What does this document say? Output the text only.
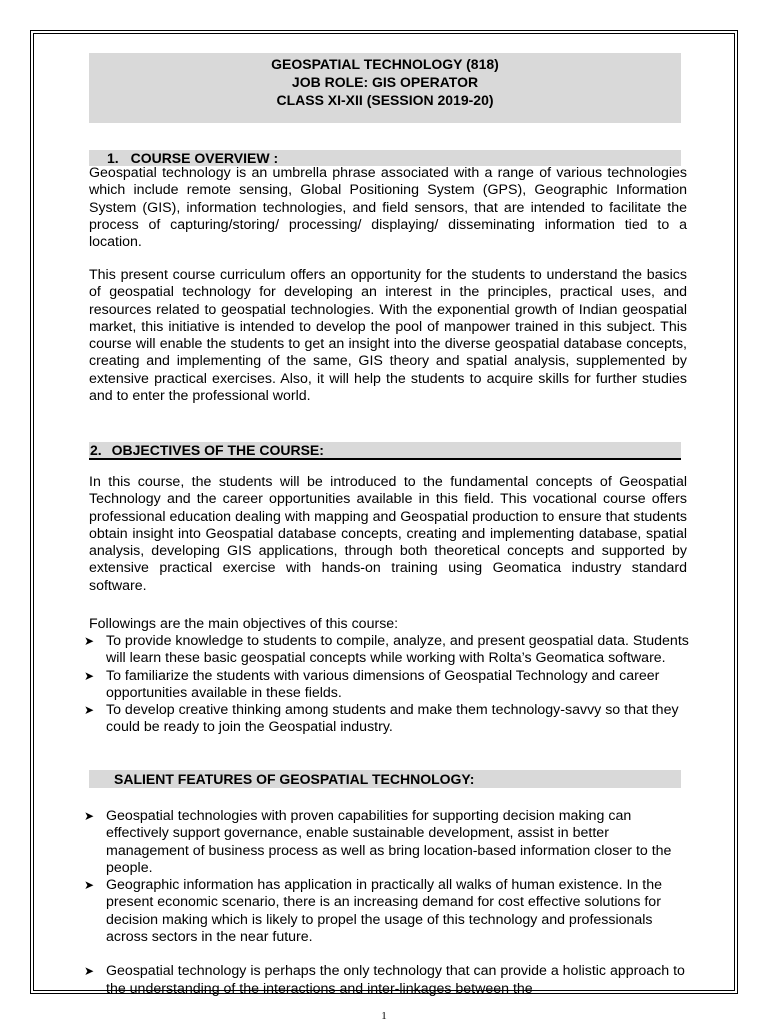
GEOSPATIAL TECHNOLOGY (818)
JOB ROLE: GIS OPERATOR
CLASS XI-XII (SESSION 2019-20)
1. COURSE OVERVIEW :
Geospatial technology is an umbrella phrase associated with a range of various technologies which include remote sensing, Global Positioning System (GPS), Geographic Information System (GIS), information technologies, and field sensors, that are intended to facilitate the process of capturing/storing/ processing/ displaying/ disseminating information tied to a location.
This present course curriculum offers an opportunity for the students to understand the basics of geospatial technology for developing an interest in the principles, practical uses, and resources related to geospatial technologies. With the exponential growth of Indian geospatial market, this initiative is intended to develop the pool of manpower trained in this subject. This course will enable the students to get an insight into the diverse geospatial database concepts, creating and implementing of the same, GIS theory and spatial analysis, supplemented by extensive practical exercises. Also, it will help the students to acquire skills for further studies and to enter the professional world.
2. OBJECTIVES OF THE COURSE:
In this course, the students will be introduced to the fundamental concepts of Geospatial Technology and the career opportunities available in this field. This vocational course offers professional education dealing with mapping and Geospatial production to ensure that students obtain insight into Geospatial database concepts, creating and implementing database, spatial analysis, developing GIS applications, through both theoretical concepts and supported by extensive practical exercise with hands-on training using Geomatica industry standard software.
Followings are the main objectives of this course:
➤ To provide knowledge to students to compile, analyze, and present geospatial data. Students will learn these basic geospatial concepts while working with Rolta’s Geomatica software.
➤ To familiarize the students with various dimensions of Geospatial Technology and career opportunities available in these fields.
➤ To develop creative thinking among students and make them technology-savvy so that they could be ready to join the Geospatial industry.
SALIENT FEATURES OF GEOSPATIAL TECHNOLOGY:
➤ Geospatial technologies with proven capabilities for supporting decision making can effectively support governance, enable sustainable development, assist in better management of business process as well as bring location-based information closer to the people.
➤ Geographic information has application in practically all walks of human existence. In the present economic scenario, there is an increasing demand for cost effective solutions for decision making which is likely to propel the usage of this technology and professionals across sectors in the near future.
➤ Geospatial technology is perhaps the only technology that can provide a holistic approach to the understanding of the interactions and inter-linkages between the
1
